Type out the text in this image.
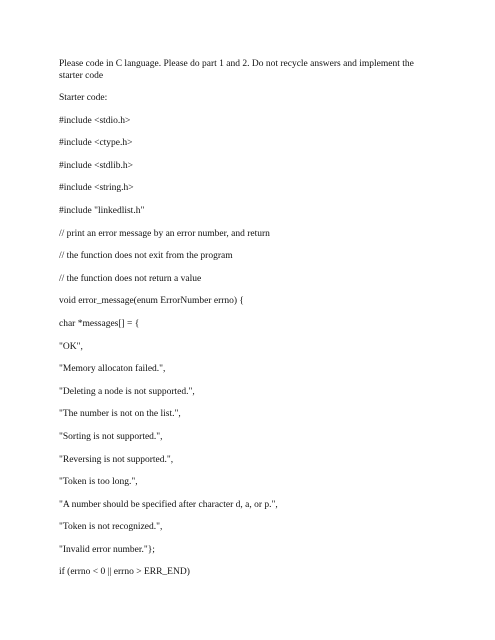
Please code in C language. Please do part 1 and 2. Do not recycle answers and implement the starter code

Starter code:
#include <stdio.h>
#include <ctype.h>
#include <stdlib.h>
#include <string.h>
#include "linkedlist.h"
// print an error message by an error number, and return
// the function does not exit from the program
// the function does not return a value
void error_message(enum ErrorNumber errno) {
char *messages[] = {
"OK",
"Memory allocaton failed.",
"Deleting a node is not supported.",
"The number is not on the list.",
"Sorting is not supported.",
"Reversing is not supported.",
"Token is too long.",
"A number should be specified after character d, a, or p.",
"Token is not recognized.",
"Invalid error number."};
if (errno < 0 || errno > ERR_END)
